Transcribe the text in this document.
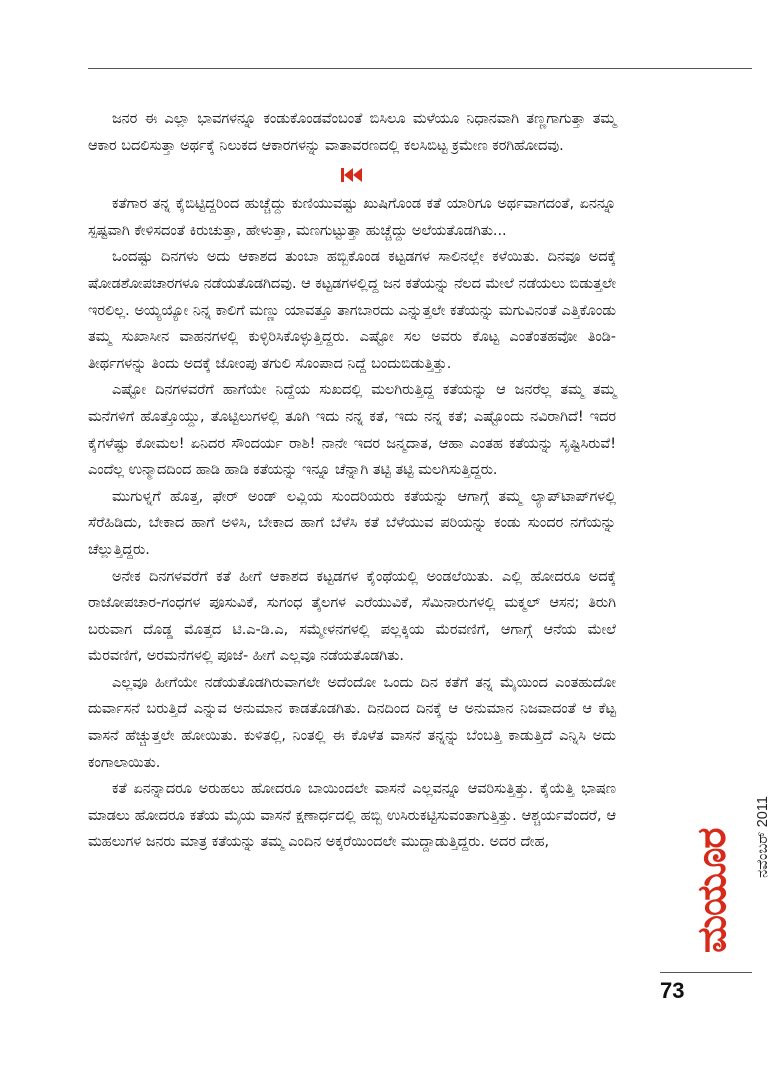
ಜನರ ಈ ಎಲ್ಲಾ ಭಾವಗಳನ್ನೂ ಕಂಡುಕೊಂಡವೆಂಬಂತೆ ಬಿಸಿಲೂ ಮಳೆಯೂ ನಿಧಾನವಾಗಿ ತಣ್ಣಗಾಗುತ್ತಾ ತಮ್ಮ ಆಕಾರ ಬದಲಿಸುತ್ತಾ ಅರ್ಥಕ್ಕೆ ನಿಲುಕದ ಆಕಾರಗಳನ್ನು ವಾತಾವರಣದಲ್ಲಿ ಕಲಸಿಬಿಟ್ಟ ಕ್ರಮೇಣ ಕರಗಿಹೋದವು.

ಕತೆಗಾರ ತನ್ನ ಕೈಬಿಟ್ಟಿದ್ದರಿಂದ ಹುಚ್ಚೆದ್ದು ಕುಣಿಯುವಷ್ಟು ಖುಷಿಗೊಂಡ ಕತೆ ಯಾರಿಗೂ ಅರ್ಥವಾಗದಂತೆ, ಏನನ್ನೂ ಸ್ಪಷ್ಟವಾಗಿ ಕೇಳಿಸದಂತೆ ಕಿರುಚುತ್ತಾ, ಹೇಳುತ್ತಾ, ಮಣಗುಟ್ಟುತ್ತಾ ಹುಚ್ಚೆದ್ದು ಅಲೆಯತೊಡಗಿತು...

ಒಂದಷ್ಟು ದಿನಗಳು ಅದು ಆಕಾಶದ ತುಂಬಾ ಹಬ್ಬಿಕೊಂಡ ಕಟ್ಟಡಗಳ ಸಾಲಿನಲ್ಲೇ ಕಳೆಯಿತು. ದಿನವೂ ಅದಕ್ಕೆ ಷೋಡಶೋಪಚಾರಗಳೂ ನಡೆಯತೊಡಗಿದವು. ಆ ಕಟ್ಟಡಗಳಲ್ಲಿದ್ದ ಜನ ಕತೆಯನ್ನು ನೆಲದ ಮೇಲೆ ನಡೆಯಲು ಬಿಡುತ್ತಲೇ ಇರಲಿಲ್ಲ. ಅಯ್ಯಯ್ಯೋ ನಿನ್ನ ಕಾಲಿಗೆ ಮಣ್ಣು ಯಾವತ್ತೂ ತಾಗಬಾರದು ಎನ್ನುತ್ತಲೇ ಕತೆಯನ್ನು ಮಗುವಿನಂತೆ ಎತ್ತಿಕೊಂಡು ತಮ್ಮ ಸುಖಾಸೀನ ವಾಹನಗಳಲ್ಲಿ ಕುಳ್ಳಿರಿಸಿಕೊಳ್ಳುತ್ತಿದ್ದರು. ಎಷ್ಟೋ ಸಲ ಅವರು ಕೊಟ್ಟ ಎಂತೆಂತಹವೋ ತಿಂಡಿ-ತೀರ್ಥಗಳನ್ನು ತಿಂದು ಅದಕ್ಕೆ ಜೋಂಪು ತಗುಲಿ ಸೊಂಪಾದ ನಿದ್ದೆ ಬಂದುಬಿಡುತ್ತಿತ್ತು.

ಎಷ್ಟೋ ದಿನಗಳವರೆಗೆ ಹಾಗೆಯೇ ನಿದ್ದೆಯ ಸುಖದಲ್ಲಿ ಮಲಗಿರುತ್ತಿದ್ದ ಕತೆಯನ್ನು ಆ ಜನರೆಲ್ಲ ತಮ್ಮ ತಮ್ಮ ಮನೆಗಳಿಗೆ ಹೊತ್ತೊಯ್ದು, ತೊಟ್ಟಿಲುಗಳಲ್ಲಿ ತೂಗಿ ಇದು ನನ್ನ ಕತೆ, ಇದು ನನ್ನ ಕತೆ; ಎಷ್ಟೊಂದು ನವಿರಾಗಿದೆ! ಇದರ ಕೈಗಳೆಷ್ಟು ಕೋಮಲ! ಏನಿದರ ಸೌಂದರ್ಯ ರಾಶಿ! ನಾನೇ ಇದರ ಜನ್ಮದಾತ, ಆಹಾ ಎಂತಹ ಕತೆಯನ್ನು ಸೃಷ್ಟಿಸಿರುವೆ! ಎಂದೆಲ್ಲ ಉನ್ಮಾದದಿಂದ ಹಾಡಿ ಹಾಡಿ ಕತೆಯನ್ನು ಇನ್ನೂ ಚೆನ್ನಾಗಿ ತಟ್ಟಿ ತಟ್ಟಿ ಮಲಗಿಸುತ್ತಿದ್ದರು.

ಮುಗುಳ್ನಗೆ ಹೊತ್ತ, ಫೇರ್ ಅಂಡ್ ಲವ್ಲಿಯ ಸುಂದರಿಯರು ಕತೆಯನ್ನು ಆಗಾಗ್ಗೆ ತಮ್ಮ ಲ್ಯಾಪ್‌ಟಾಪ್‌ಗಳಲ್ಲಿ ಸೆರೆಹಿಡಿದು, ಬೇಕಾದ ಹಾಗೆ ಅಳಿಸಿ, ಬೇಕಾದ ಹಾಗೆ ಬೆಳೆಸಿ ಕತೆ ಬೆಳೆಯುವ ಪರಿಯನ್ನು ಕಂಡು ಸುಂದರ ನಗೆಯನ್ನು ಚೆಲ್ಲುತ್ತಿದ್ದರು.

ಅನೇಕ ದಿನಗಳವರೆಗೆ ಕತೆ ಹೀಗೆ ಆಕಾಶದ ಕಟ್ಟಡಗಳ ಕೈಂಥೆಯಲ್ಲಿ ಅಂಡಲೆಯಿತು. ಎಲ್ಲಿ ಹೋದರೂ ಅದಕ್ಕೆ ರಾಜೋಪಚಾರ-ಗಂಧಗಳ ಪೂಸುವಿಕೆ, ಸುಗಂಧ ತೈಲಗಳ ಎರೆಯುವಿಕೆ, ಸೆಮಿನಾರುಗಳಲ್ಲಿ ಮಕ್ಮಲ್ ಆಸನ; ತಿರುಗಿ ಬರುವಾಗ ದೊಡ್ಡ ಮೊತ್ತದ ಟಿ.ಎ-ಡಿ.ಎ, ಸಮ್ಮೇಳನಗಳಲ್ಲಿ ಪಲ್ಲಕ್ಕಿಯ ಮೆರವಣಿಗೆ, ಆಗಾಗ್ಗೆ ಆನೆಯ ಮೇಲೆ ಮೆರವಣಿಗೆ, ಅರಮನೆಗಳಲ್ಲಿ ಪೂಜೆ- ಹೀಗೆ ಎಲ್ಲವೂ ನಡೆಯತೊಡಗಿತು.

ಎಲ್ಲವೂ ಹೀಗೆಯೇ ನಡೆಯತೊಡಗಿರುವಾಗಲೇ ಅದೆಂದೋ ಒಂದು ದಿನ ಕತೆಗೆ ತನ್ನ ಮೈಯಿಂದ ಎಂತಹುದೋ ದುರ್ವಾಸನೆ ಬರುತ್ತಿದೆ ಎನ್ನುವ ಅನುಮಾನ ಕಾಡತೊಡಗಿತು. ದಿನದಿಂದ ದಿನಕ್ಕೆ ಆ ಅನುಮಾನ ನಿಜವಾದಂತೆ ಆ ಕೆಟ್ಟ ವಾಸನೆ ಹೆಚ್ಚುತ್ತಲೇ ಹೋಯಿತು. ಕುಳಿತಲ್ಲಿ, ನಿಂತಲ್ಲಿ ಈ ಕೊಳೆತ ವಾಸನೆ ತನ್ನನ್ನು ಬೆಂಬತ್ತಿ ಕಾಡುತ್ತಿದೆ ಎನ್ನಿಸಿ ಅದು ಕಂಗಾಲಾಯಿತು.

ಕತೆ ಏನನ್ನಾದರೂ ಅರುಹಲು ಹೋದರೂ ಬಾಯಿಂದಲೇ ವಾಸನೆ ಎಲ್ಲವನ್ನೂ ಆವರಿಸುತ್ತಿತ್ತು. ಕೈಯೆತ್ತಿ ಭಾಷಣ ಮಾಡಲು ಹೋದರೂ ಕತೆಯ ಮೈಯ ವಾಸನೆ ಕ್ಷಣಾರ್ಧದಲ್ಲಿ ಹಬ್ಬಿ ಉಸಿರುಕಟ್ಟಿಸುವಂತಾಗುತ್ತಿತ್ತು. ಆಶ್ಚರ್ಯವೆಂದರೆ, ಆ ಮಹಲುಗಳ ಜನರು ಮಾತ್ರ ಕತೆಯನ್ನು ತಮ್ಮ ಎಂದಿನ ಅಕ್ಕರೆಯಿಂದಲೇ ಮುದ್ದಾಡುತ್ತಿದ್ದರು. ಅದರ ದೇಹ,	ನವೆಂಬರ್ 2011
ಮಯೂರ
73
